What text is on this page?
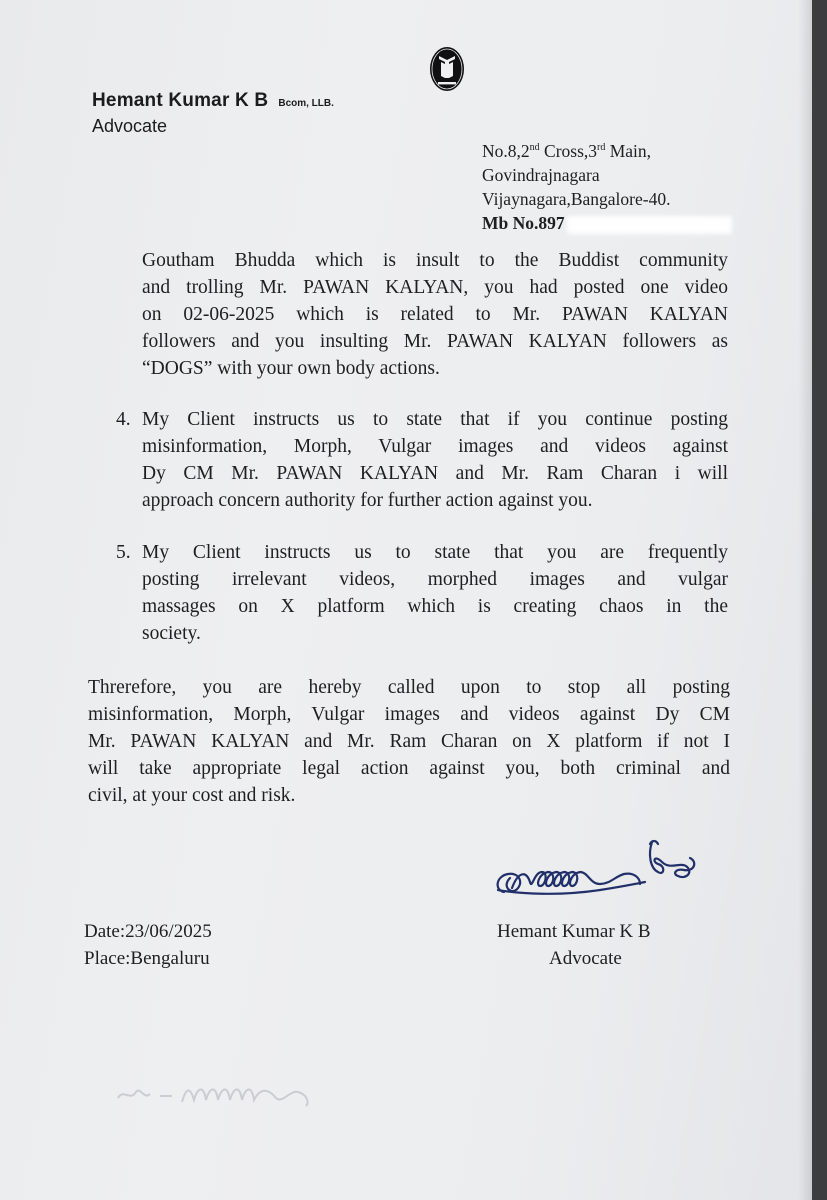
Hemant Kumar K B Bcom, LLB.
Advocate
No.8,2nd Cross,3rd Main,
Govindrajnagara
Vijaynagara,Bangalore-40.
Mb No.897
Goutham Bhudda which is insult to the Buddist community
and trolling Mr. PAWAN KALYAN, you had posted one video
on 02-06-2025 which is related to Mr. PAWAN KALYAN
followers and you insulting Mr. PAWAN KALYAN followers as
“DOGS” with your own body actions.
4. My Client instructs us to state that if you continue posting
misinformation, Morph, Vulgar images and videos against
Dy CM Mr. PAWAN KALYAN and Mr. Ram Charan i will
approach concern authority for further action against you.
5. My Client instructs us to state that you are frequently
posting irrelevant videos, morphed images and vulgar
massages on X platform which is creating chaos in the
society.
Threrefore, you are hereby called upon to stop all posting
misinformation, Morph, Vulgar images and videos against Dy CM
Mr. PAWAN KALYAN and Mr. Ram Charan on X platform if not I
will take appropriate legal action against you, both criminal and
civil, at your cost and risk.
Hemant Kumar K B
Advocate
Date:23/06/2025
Place:Bengaluru
